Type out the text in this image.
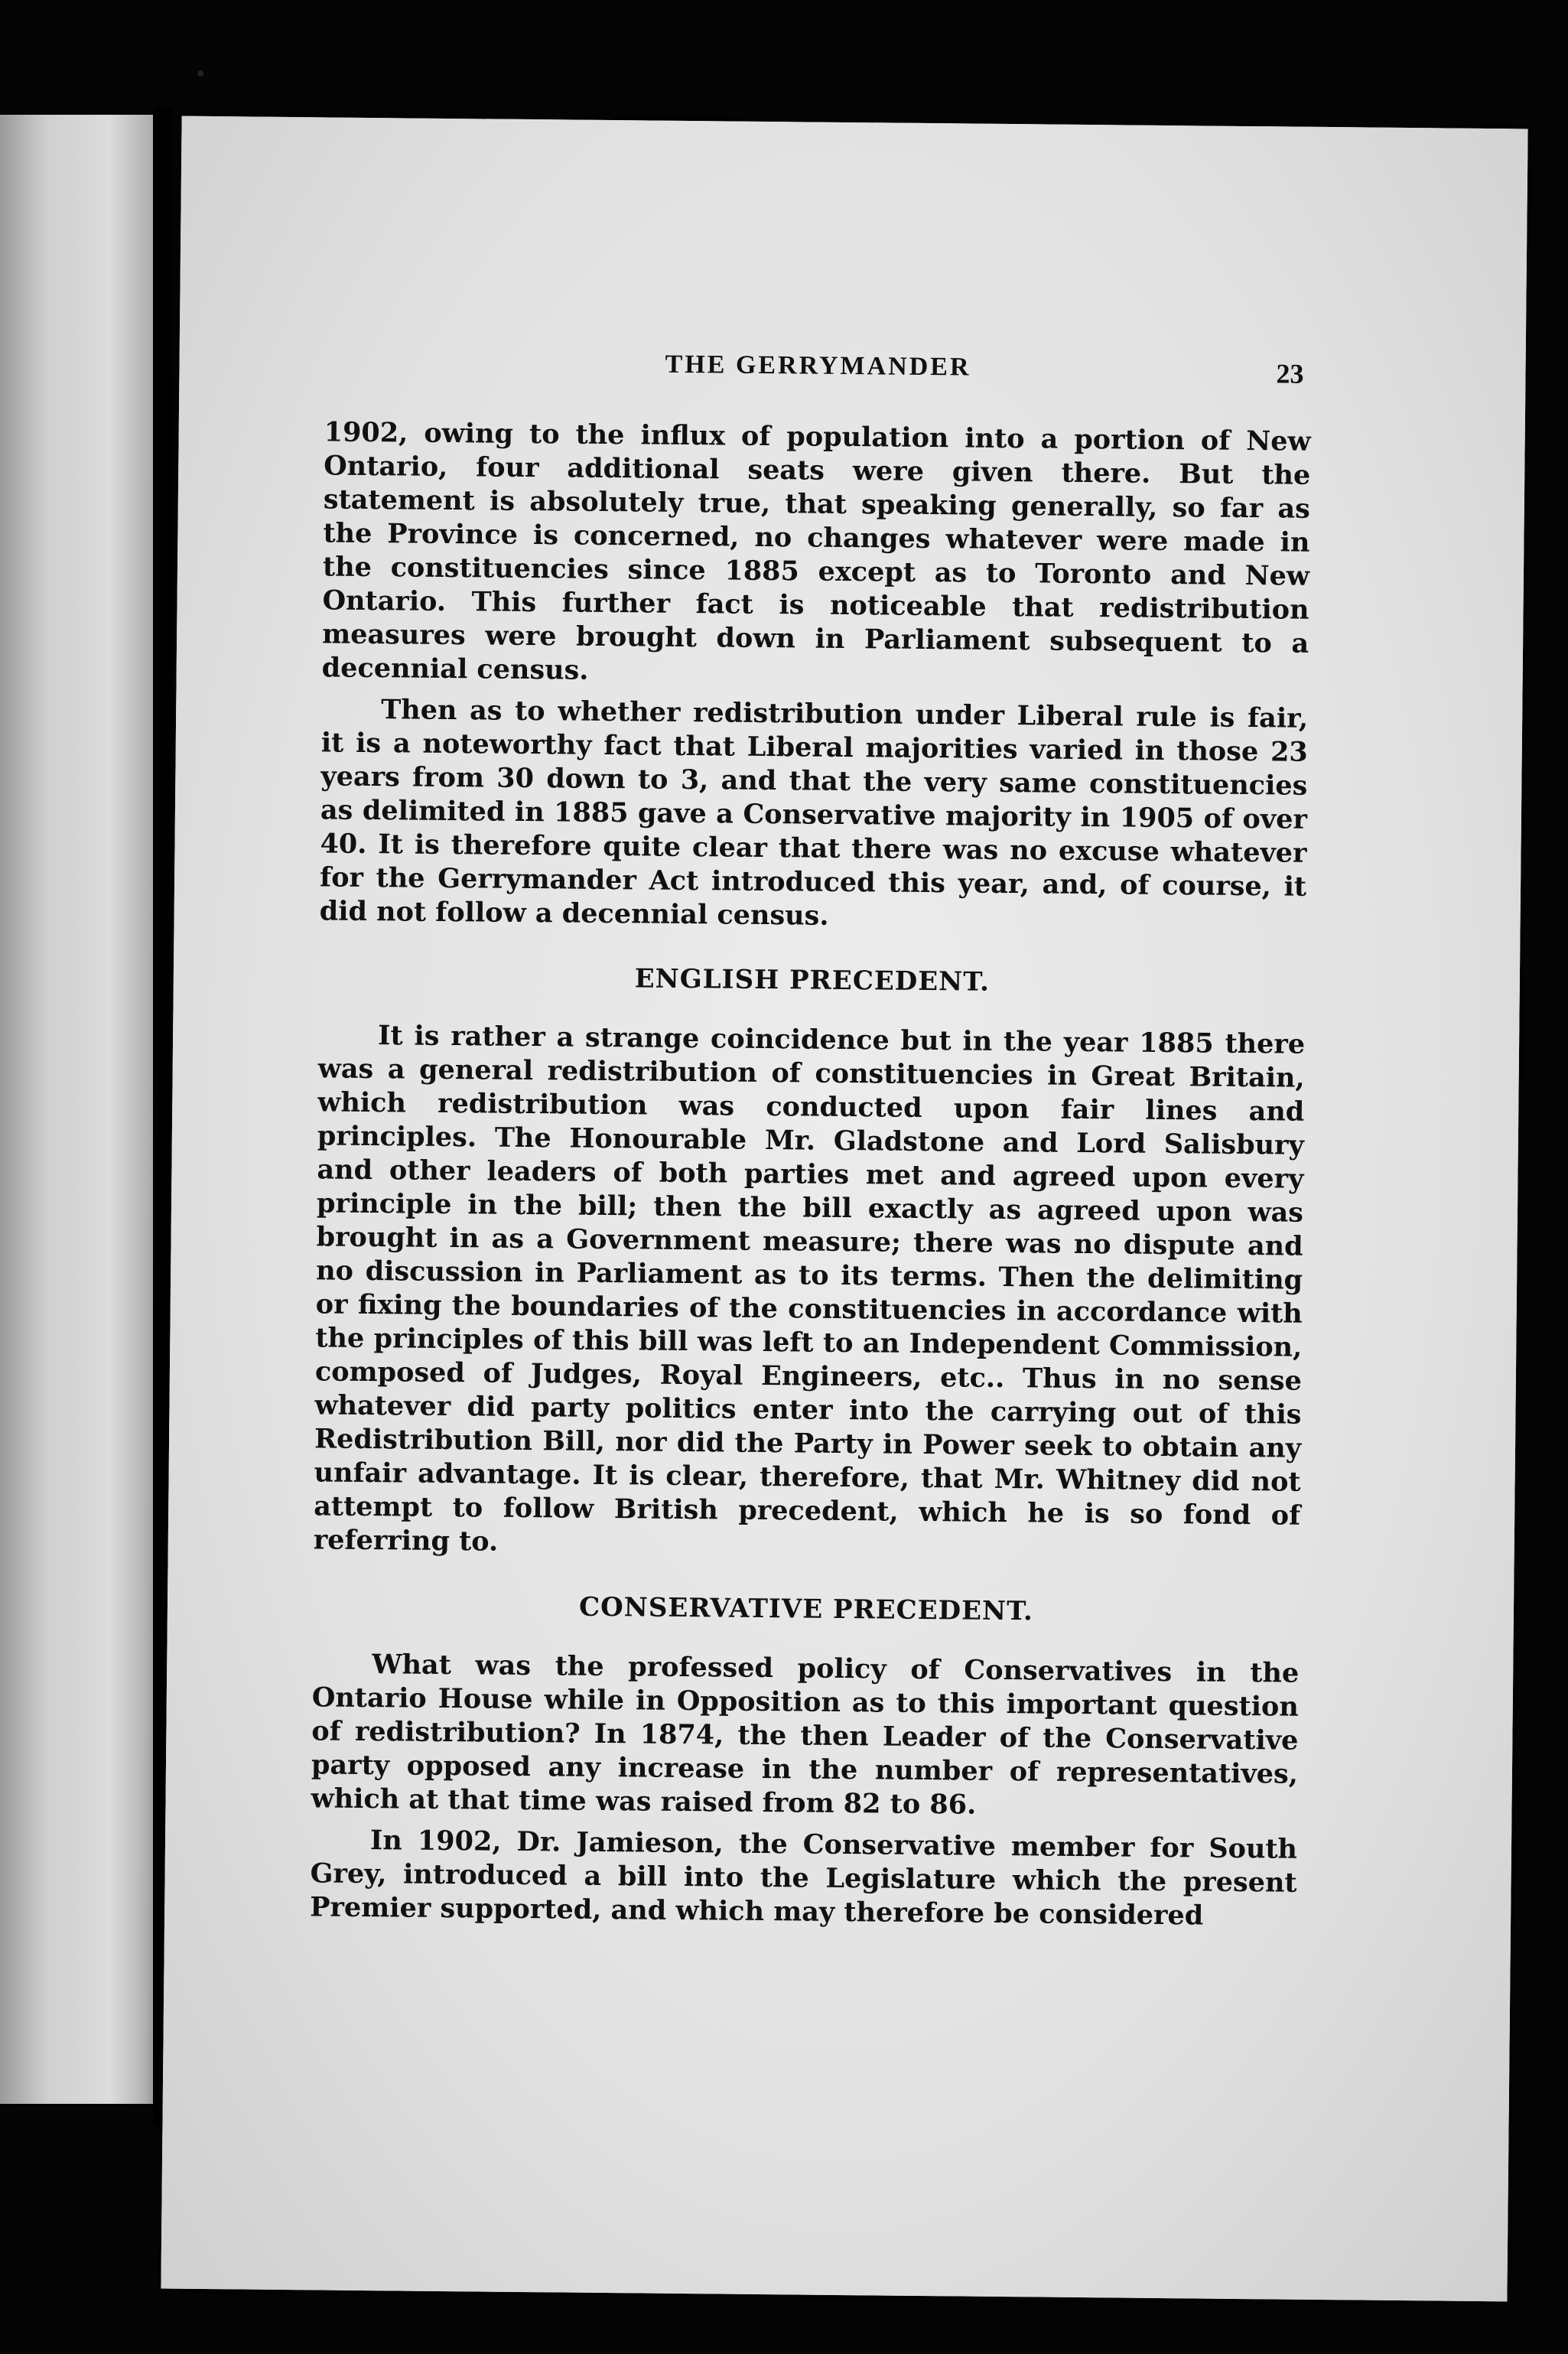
THE GERRYMANDER	23

1902, owing to the influx of population into a portion of New Ontario, four additional seats were given there. But the statement is absolutely true, that speaking generally, so far as the Province is concerned, no changes whatever were made in the constituencies since 1885 except as to Toronto and New Ontario. This further fact is noticeable that redistribution measures were brought down in Parliament subsequent to a decennial census.

Then as to whether redistribution under Liberal rule is fair, it is a noteworthy fact that Liberal majorities varied in those 23 years from 30 down to 3, and that the very same constituencies as delimited in 1885 gave a Conservative majority in 1905 of over 40. It is therefore quite clear that there was no excuse whatever for the Gerrymander Act introduced this year, and, of course, it did not follow a decennial census.

ENGLISH PRECEDENT.

It is rather a strange coincidence but in the year 1885 there was a general redistribution of constituencies in Great Britain, which redistribution was conducted upon fair lines and principles. The Honourable Mr. Gladstone and Lord Salisbury and other leaders of both parties met and agreed upon every principle in the bill; then the bill exactly as agreed upon was brought in as a Government measure; there was no dispute and no discussion in Parliament as to its terms. Then the delimiting or fixing the boundaries of the constituencies in accordance with the principles of this bill was left to an Independent Commission, composed of Judges, Royal Engineers, etc.. Thus in no sense whatever did party politics enter into the carrying out of this Redistribution Bill, nor did the Party in Power seek to obtain any unfair advantage. It is clear, therefore, that Mr. Whitney did not attempt to follow British precedent, which he is so fond of referring to.

CONSERVATIVE PRECEDENT.

What was the professed policy of Conservatives in the Ontario House while in Opposition as to this important question of redistribution? In 1874, the then Leader of the Conservative party opposed any increase in the number of representatives, which at that time was raised from 82 to 86.

In 1902, Dr. Jamieson, the Conservative member for South Grey, introduced a bill into the Legislature which the present Premier supported, and which may therefore be considered
